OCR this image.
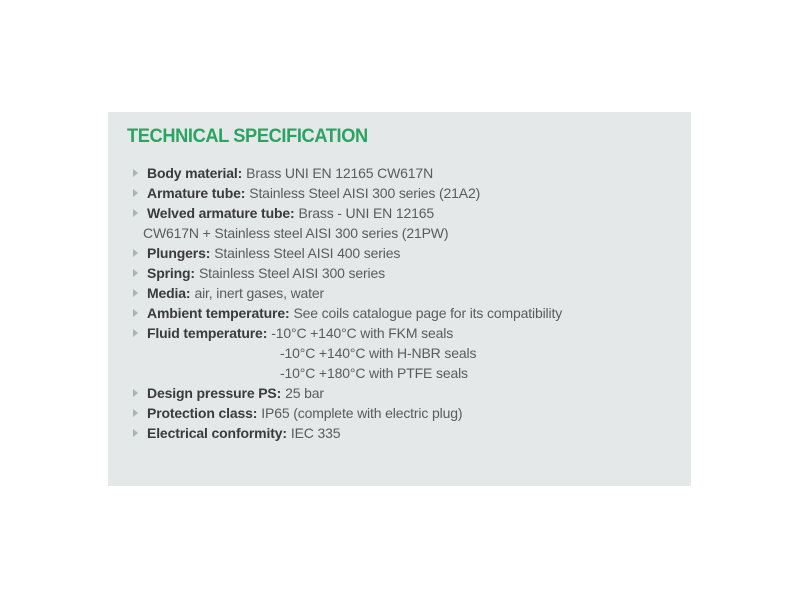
TECHNICAL SPECIFICATION
Body material: Brass UNI EN 12165 CW617N
Armature tube: Stainless Steel AISI 300 series (21A2)
Welved armature tube: Brass - UNI EN 12165
CW617N + Stainless steel AISI 300 series (21PW)
Plungers: Stainless Steel AISI 400 series
Spring: Stainless Steel AISI 300 series
Media: air, inert gases, water
Ambient temperature: See coils catalogue page for its compatibility
Fluid temperature: -10°C +140°C with FKM seals
-10°C +140°C with H-NBR seals
-10°C +180°C with PTFE seals
Design pressure PS: 25 bar
Protection class: IP65 (complete with electric plug)
Electrical conformity: IEC 335
